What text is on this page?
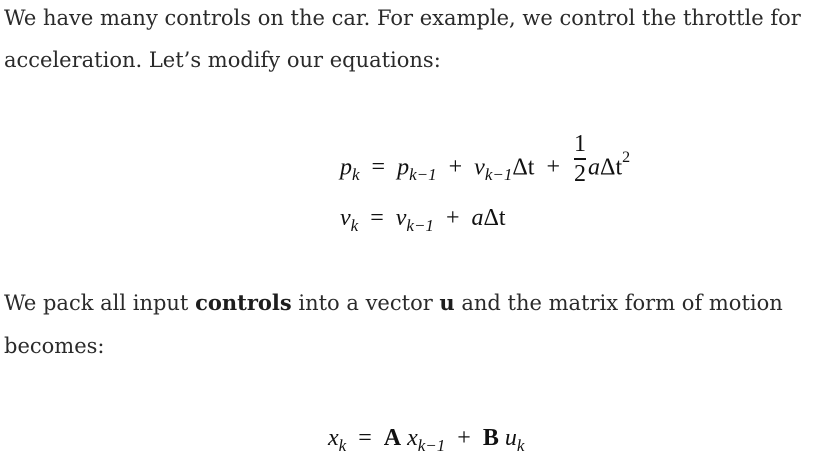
We have many controls on the car. For example, we control the throttle for

acceleration. Let’s modify our equations:

$p_k = p_{k-1} + v_{k-1}\Delta t + \frac{1}{2} a\Delta t^2$
$v_k = v_{k-1} + a\Delta t$

We pack all input controls into a vector u and the matrix form of motion

becomes:

$x_k = A$ $x_{k-1} + B$ $u_k$
